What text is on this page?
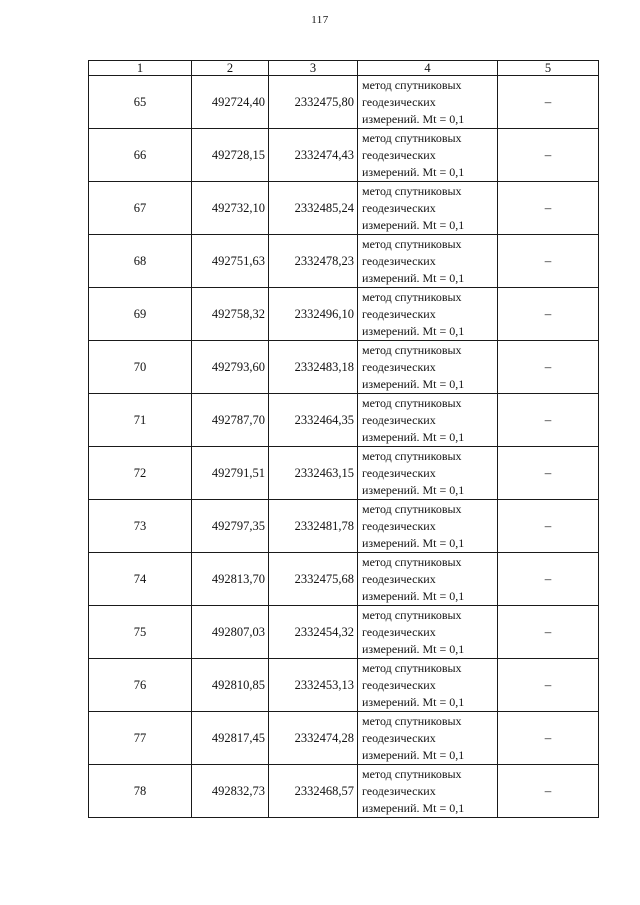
117
1	2	3	4	5
65	492724,40	2332475,80	метод спутниковых
геодезических
измерений. Mt = 0,1	–
66	492728,15	2332474,43	метод спутниковых
геодезических
измерений. Mt = 0,1	–
67	492732,10	2332485,24	метод спутниковых
геодезических
измерений. Mt = 0,1	–
68	492751,63	2332478,23	метод спутниковых
геодезических
измерений. Mt = 0,1	–
69	492758,32	2332496,10	метод спутниковых
геодезических
измерений. Mt = 0,1	–
70	492793,60	2332483,18	метод спутниковых
геодезических
измерений. Mt = 0,1	–
71	492787,70	2332464,35	метод спутниковых
геодезических
измерений. Mt = 0,1	–
72	492791,51	2332463,15	метод спутниковых
геодезических
измерений. Mt = 0,1	–
73	492797,35	2332481,78	метод спутниковых
геодезических
измерений. Mt = 0,1	–
74	492813,70	2332475,68	метод спутниковых
геодезических
измерений. Mt = 0,1	–
75	492807,03	2332454,32	метод спутниковых
геодезических
измерений. Mt = 0,1	–
76	492810,85	2332453,13	метод спутниковых
геодезических
измерений. Mt = 0,1	–
77	492817,45	2332474,28	метод спутниковых
геодезических
измерений. Mt = 0,1	–
78	492832,73	2332468,57	метод спутниковых
геодезических
измерений. Mt = 0,1	–
